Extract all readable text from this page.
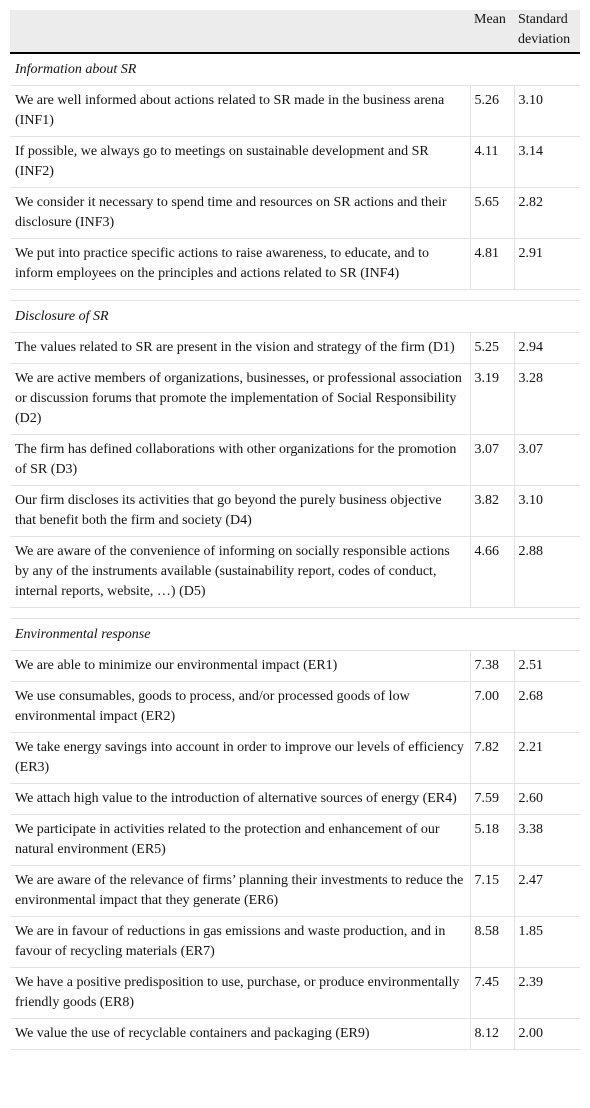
	Mean	Standard deviation
Information about SR		
We are well informed about actions related to SR made in the business arena (INF1)	5.26	3.10
If possible, we always go to meetings on sustainable development and SR (INF2)	4.11	3.14
We consider it necessary to spend time and resources on SR actions and their disclosure (INF3)	5.65	2.82
We put into practice specific actions to raise awareness, to educate, and to inform employees on the principles and actions related to SR (INF4)	4.81	2.91

Disclosure of SR		
The values related to SR are present in the vision and strategy of the firm (D1)	5.25	2.94
We are active members of organizations, businesses, or professional association or discussion forums that promote the implementation of Social Responsibility (D2)	3.19	3.28
The firm has defined collaborations with other organizations for the promotion of SR (D3)	3.07	3.07
Our firm discloses its activities that go beyond the purely business objective that benefit both the firm and society (D4)	3.82	3.10
We are aware of the convenience of informing on socially responsible actions by any of the instruments available (sustainability report, codes of conduct, internal reports, website, …) (D5)	4.66	2.88

Environmental response		
We are able to minimize our environmental impact (ER1)	7.38	2.51
We use consumables, goods to process, and/or processed goods of low environmental impact (ER2)	7.00	2.68
We take energy savings into account in order to improve our levels of efficiency (ER3)	7.82	2.21
We attach high value to the introduction of alternative sources of energy (ER4)	7.59	2.60
We participate in activities related to the protection and enhancement of our natural environment (ER5)	5.18	3.38
We are aware of the relevance of firms’ planning their investments to reduce the environmental impact that they generate (ER6)	7.15	2.47
We are in favour of reductions in gas emissions and waste production, and in favour of recycling materials (ER7)	8.58	1.85
We have a positive predisposition to use, purchase, or produce environmentally friendly goods (ER8)	7.45	2.39
We value the use of recyclable containers and packaging (ER9)	8.12	2.00
